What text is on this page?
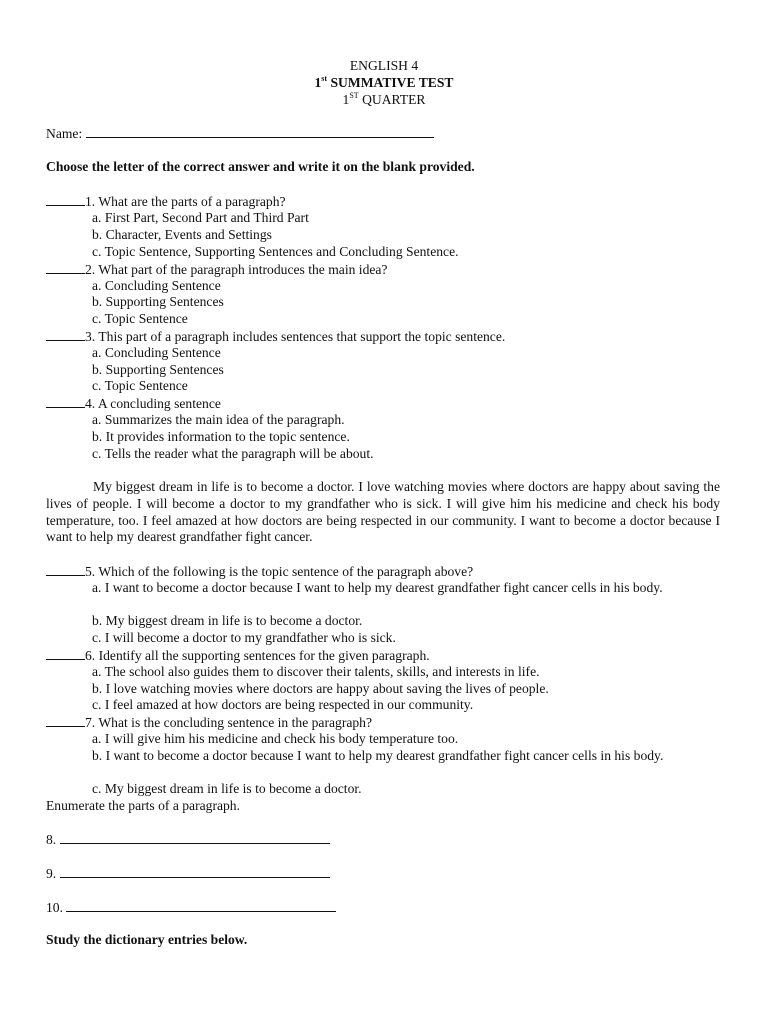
ENGLISH 4
1st SUMMATIVE TEST
1ST QUARTER
Name:
Choose the letter of the correct answer and write it on the blank provided.
1. What are the parts of a paragraph?
a. First Part, Second Part and Third Part
b. Character, Events and Settings
c. Topic Sentence, Supporting Sentences and Concluding Sentence.
2. What part of the paragraph introduces the main idea?
a. Concluding Sentence
b. Supporting Sentences
c. Topic Sentence
3. This part of a paragraph includes sentences that support the topic sentence.
a. Concluding Sentence
b. Supporting Sentences
c. Topic Sentence
4. A concluding sentence
a. Summarizes the main idea of the paragraph.
b. It provides information to the topic sentence.
c. Tells the reader what the paragraph will be about.
My biggest dream in life is to become a doctor. I love watching movies where doctors are happy about saving the lives of people. I will become a doctor to my grandfather who is sick. I will give him his medicine and check his body temperature, too. I feel amazed at how doctors are being respected in our community. I want to become a doctor because I want to help my dearest grandfather fight cancer.
5. Which of the following is the topic sentence of the paragraph above?
a. I want to become a doctor because I want to help my dearest grandfather fight cancer cells in his body.
b. My biggest dream in life is to become a doctor.
c. I will become a doctor to my grandfather who is sick.
6. Identify all the supporting sentences for the given paragraph.
a. The school also guides them to discover their talents, skills, and interests in life.
b. I love watching movies where doctors are happy about saving the lives of people.
c. I feel amazed at how doctors are being respected in our community.
7. What is the concluding sentence in the paragraph?
a. I will give him his medicine and check his body temperature too.
b. I want to become a doctor because I want to help my dearest grandfather fight cancer cells in his body.
c. My biggest dream in life is to become a doctor.
Enumerate the parts of a paragraph.
8.
9.
10.
Study the dictionary entries below.
